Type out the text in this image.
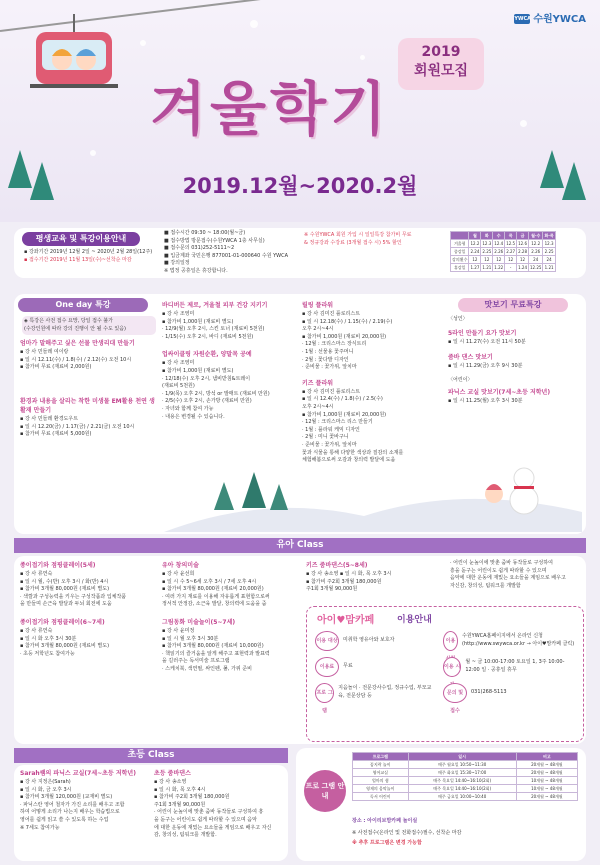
YWCA 수원YWCA
2019
회원모집
겨울학기
2019.12월~2020.2월
평생교육 및 특강이용안내
▪ 강좌기간 2019년 12월 2일 ~ 2020년 2월 28일(12주)
▪ 접수기간 2019년 11월 13일(수)~선착순 마감
■ 접수시간 09:30 ~ 18:00(월~금)
■ 접수방법 방문접수(수원YWCA 1층 사무실)
■ 접수문의 031)252-5111~2
■ 입금계좌 국민은행 877001-01-000640 수원 YWCA
■ 강의일정
※ 법정 공휴일은 휴강합니다.
※ 수원YWCA 회원 가입 시 일일특강 참가비 무료
& 정규강좌 수강료 (3개월 접수 시) 5% 할인
	월	화	수	목	금	월·수	화·목
겨울형	12.2	12.3	12.4	12.5	12.6	12.2	12.3
종강일	2.24	2.25	2.26	2.27	2.28	2.26	2.25
강의횟수	12	12	12	12	12	24	24
휴강일	1.27	1.21	1.22	-	1.24	12.25	1.21
One day 특강
◈ 특강은 사전 접수 요망, 당일 접수 불가
(수강인원에 따라 강의 진행이 안 될 수도 있음)
엄마가 말해주고 싶은 선물 만생리대 만들기
▪ 강 사 민들레 여이랑
▪ 일 시 12.11(수) / 1.8(수) / 2.12(수) 오전 10시
▪ 참가비 무료 (재료비 2,000원)
환경과 내용을 살리는 착한 미생물 EM활용 천연 생활재 만들기
▪ 강 사 민들레 환경도우트
▪ 일 시 12.20(금) / 1.17(금) / 2.21(금) 오전 10시
▪ 참가비 무료 (재료비 5,000원)
바디버든 제로, 겨울철 피부 건강 지키기
▪ 강 사 조영미
▪ 참가비 1,000원 (재료비 별도)
· 12/9(월) 오후 2시, 스킨 토너 (재료비 5천원)
· 1/15(수) 오후 2시, 바디 (재료비 5천원)
업싸이클링 자원순환, 양말목 공예
▪ 강 사 조영미
▪ 참가비 1,000원 (재료비 별도)
· 12/18(수) 오후 2시, 냄비받침&트레이
(재료비 5천원)
· 1/9(목) 오후 2시, 방석 or 발매트 (재료비 만원)
· 2/5(수) 오후 2시, 손가방 (재료비 만원)
· 자녀와 함께 참여 가능
· 내용은 변경될 수 있습니다.
릴링 플라워
▪ 강 사 김미진 플로리스트
▪ 일 시 12.18(수) / 1.15(수) / 2.19(수)
오후 2시~4시
▪ 참가비 1,000원 (재료비 20,000원)
· 12월 : 크리스마스 장식트리
· 1월 : 선물용 꽃주머니
· 2월 : 꽃다발 디자인
· 준비물 : 꽃가위, 앞치마
키즈 플라워
▪ 강 사 김미진 플로리스트
▪ 일 시 12.4(수) / 1.8(수) / 2.5(수)
오후 2시~4시
▪ 참가비 1,000원 (재료비 20,000원)
· 12월 : 크리스마스 리스 만들기
· 1월 : 플라워 케익 디자인
· 2월 : 미니 꽃바구니
· 준비물 : 꽃가위, 앞치마
꽃과 식물을 통해 다양한 색상과 질감의 소재를
체험해봄으로써 오감과 창의력 발달에 도움
맛보기 무료특강
〈성인〉
5라인 만들기 요가 맛보기
▪ 일 시 11.27(수) 오전 11시 50분
줌바 댄스 맛보기
▪ 일 시 11.29(금) 오후 9시 30분
〈어린이〉
파닉스 교실 맛보기(7세~초등 저학년)
▪ 일 시 11.25(월) 오후 3시 30분
유아 Class
종이접기와 점핑클레이(5세)
▪ 강 사 류연숙
▪ 일 시 월, 수(반) 오후 3시 / 화(반) 4시
▪ 참가비 3개월 80,000원 (재료비 별도)
· 색깔과 구성능력을 키우는 구성작품과 입체작품
을 만들며 손근육 발달과 두뇌 회전에 도움
종이접기와 점핑클레이(6~7세)
▪ 강 사 류연숙
▪ 일 시 화 오후 3시 30분
▪ 참가비 3개월 80,000원 (재료비 별도)
· 초등 저학년도 참여가능
유아 창의미술
▪ 강 사 윤선희
▪ 일 시 수 5~6세 오후 3시 / 7세 오후 4시
▪ 참가비 3개월 80,000원 (재료비 20,000원)
· 여러 가지 재료를 이용해 자유롭게 표현함으로써
정서적 안정감, 소근육 발달, 창의력에 도움을 줌
그림동화 미술놀이(5~7세)
▪ 강 사 윤미정
▪ 일 시 월 오후 3시 30분
▪ 참가비 3개월 80,000원 (재료비 10,000원)
· 책읽기의 즐거움을 알게 해주고 표현력과 발표력
을 길러주는 독서미술 프로그램
· 스케치북, 색연필, 싸인펜, 풀, 가위 준비
키즈 줌바댄스(5~8세)
▪ 강 사 송소영 ▪ 일 시 화, 목 오후 3시
▪ 참가비 주2회 3개월 180,000원
주1회 3개월 90,000원
· 어린이 눈높이에 맞춘 줌바 동작들로 구성하여
흥을 돋구는 어린이도 쉽게 따라할 수 있으며
음악에 대한 운동에 재밌는 요소들을 계임으로 배우고
자신감, 창의성, 팀워크를 개발함
아이♥맘카페	이용안내
이용 대상 미취학 영유아와 보호자
이용료	무료
프로 그램
지음놀이 · 전문강사수업, 정규수업, 부모교육, 전문상담 등
이용
수원YWCA홈페이지에서 온라인 신청 (http://www.swywca.or.kr → 아이♥맘카페 클릭)
이용 시
월 ~ 금 10:00-17:00 토요일 1, 3주 10:00-12:00 일 · 공휴일 휴무
문의 및 접수
031)268-5113
초등 Class
Sarah쌤의 파닉스 교실(7세~초등 저학년)
▪ 강 사 지정은(Sarah)
▪ 일 시 화, 금 오후 3시
▪ 참가비 3개월 120,000원 (교재비 별도)
· 파닉스란 영어 철자가 가진 소리를 배우고 조합
하여 어떻게 소리가 나는지 배우는 학습법으로
영어를 쉽게 읽고 쓸 수 있도록 하는 수업
※ 7세도 참여가능
초등 줌바댄스
▪ 강 사 송소영
▪ 일 시 화, 목 오후 4시
▪ 참가비 주2회 3개월 180,000원
주1회 3개월 90,000원
· 어린이 눈높이에 맞춘 줌바 동작들로 구성하여 흥
을 돋구는 어린이도 쉽게 따라할 수 있으며 음악
에 대한 운동에 재밌는 요소들을 게임으로 배우고 자신
감, 창의성, 팀워크를 개발함.
프로 그램 안내
프로그램	일시	비고
꼼지락 놀이	매주 월요일 10:50~11:30	20개월 ~ 48개월
영어교실	매주 화요일 15:30~17:00	20개월 ~ 48개월
엄마의 쉼	매주 목요일 14:40~16:10(2회)	10개월 ~ 48개월
영재의 음악놀이	매주 목요일 14:40~16:10(2회)	10개월 ~ 48개월
독서 어린이	매주 금요일 10:00~10:40	20개월 ~ 48개월
장소 : 아이리브맘카페 놀이실
※ 사전접수(온라인 및 전화접수)필수, 선착순 마감
※ 추후 프로그램은 변경 가능함
